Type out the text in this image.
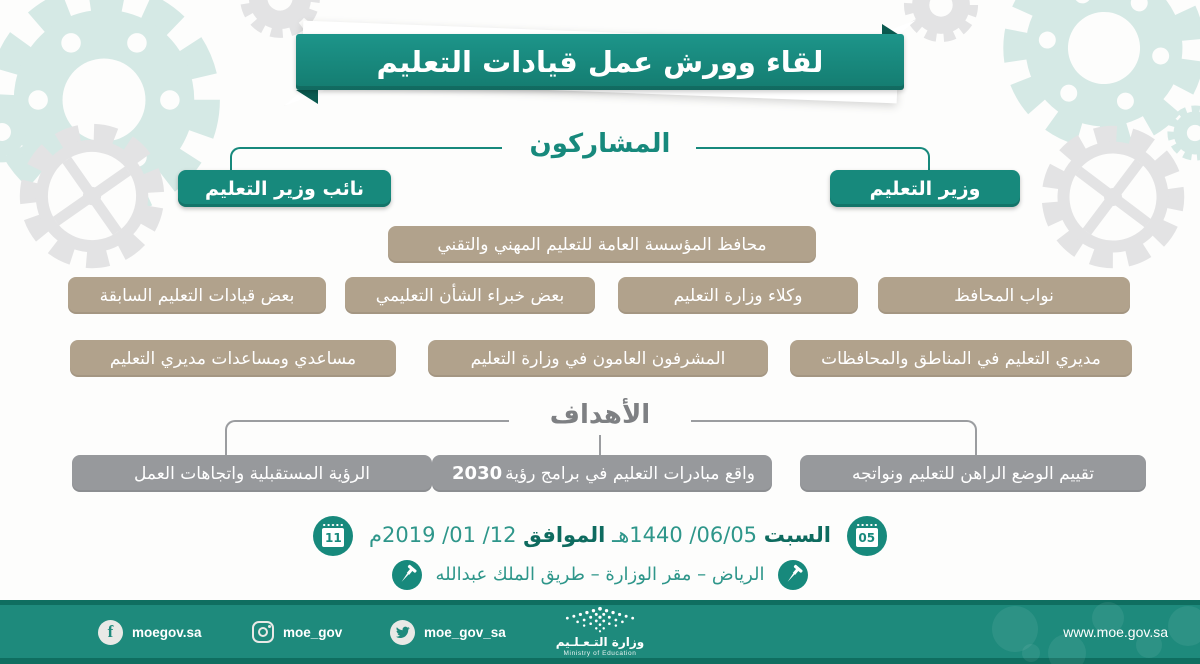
لقاء وورش عمل قيادات التعليم
المشاركون
وزير التعليم
نائب وزير التعليم
محافظ المؤسسة العامة للتعليم المهني والتقني
نواب المحافظ
وكلاء وزارة التعليم
بعض خبراء الشأن التعليمي
بعض قيادات التعليم السابقة
مديري التعليم في المناطق والمحافظات
المشرفون العامون في وزارة التعليم
مساعدي ومساعدات مديري التعليم
الأهداف
تقييم الوضع الراهن للتعليم ونواتجه
واقع مبادرات التعليم في برامج رؤية
2030
الرؤية المستقبلية واتجاهات العمل
05
السبت 06/05/ 1440هـ الموافق 12/ 01/ 2019م
11
الرياض – مقر الوزارة – طريق الملك عبدالله
f moegov.sa	moe_gov	moe_gov_sa
وزارة التـعـلـيم
Ministry of Education
www.moe.gov.sa
